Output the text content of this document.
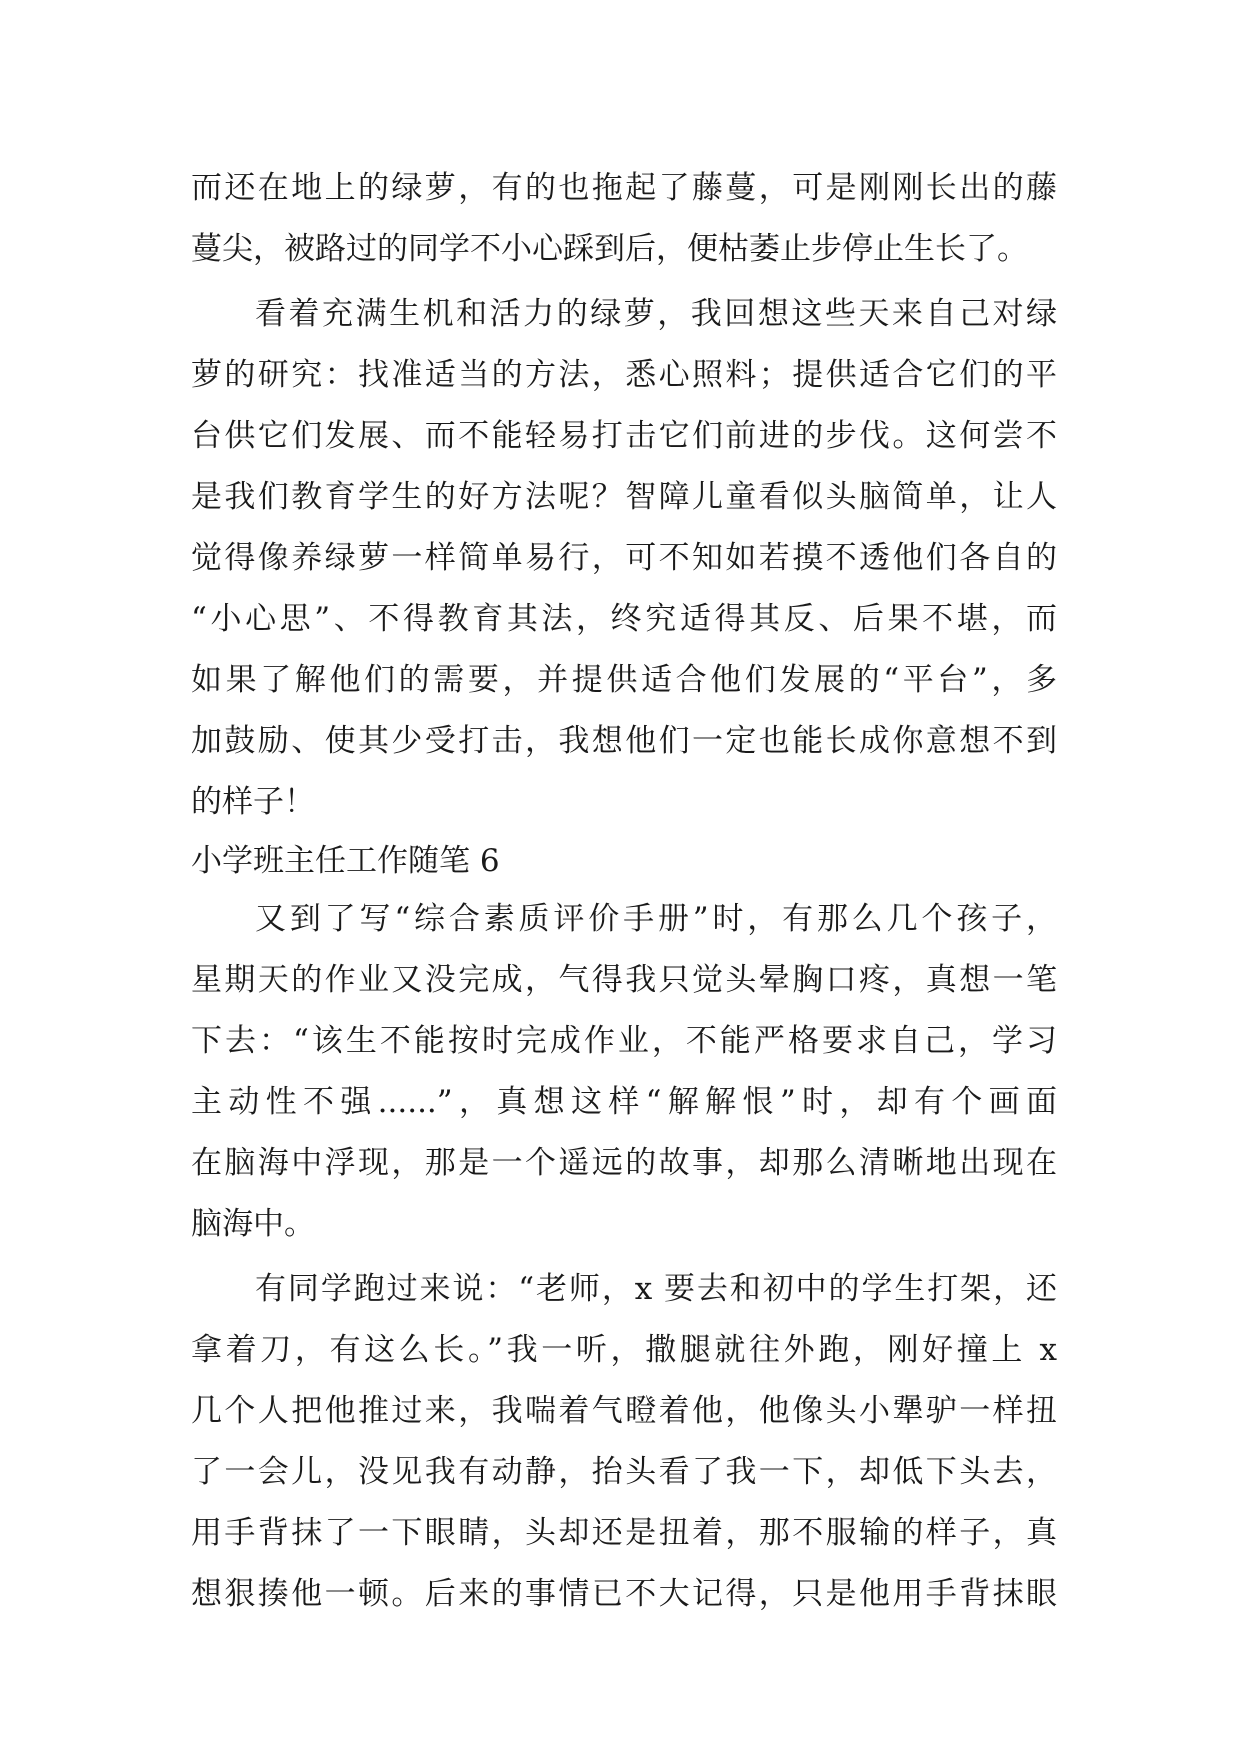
而还在地上的绿萝，有的也拖起了藤蔓，可是刚刚长出的藤
蔓尖，被路过的同学不小心踩到后，便枯萎止步停止生长了。
看着充满生机和活力的绿萝，我回想这些天来自己对绿
萝的研究：找准适当的方法，悉心照料；提供适合它们的平
台供它们发展、而不能轻易打击它们前进的步伐。这何尝不
是我们教育学生的好方法呢？智障儿童看似头脑简单，让人
觉得像养绿萝一样简单易行，可不知如若摸不透他们各自的
“小心思”、不得教育其法，终究适得其反、后果不堪，而
如果了解他们的需要，并提供适合他们发展的“平台”，多
加鼓励、使其少受打击，我想他们一定也能长成你意想不到
的样子！
小学班主任工作随笔 6
又到了写“综合素质评价手册”时，有那么几个孩子，
星期天的作业又没完成，气得我只觉头晕胸口疼，真想一笔
下去：“该生不能按时完成作业，不能严格要求自己，学习
主动性不强......”，真想这样“解解恨”时，却有个画面
在脑海中浮现，那是一个遥远的故事，却那么清晰地出现在
脑海中。
有同学跑过来说：“老师，x 要去和初中的学生打架，还
拿着刀，有这么长。”我一听，撒腿就往外跑，刚好撞上 x
几个人把他推过来，我喘着气瞪着他，他像头小犟驴一样扭
了一会儿，没见我有动静，抬头看了我一下，却低下头去，
用手背抹了一下眼睛，头却还是扭着，那不服输的样子，真
想狠揍他一顿。后来的事情已不大记得，只是他用手背抹眼
